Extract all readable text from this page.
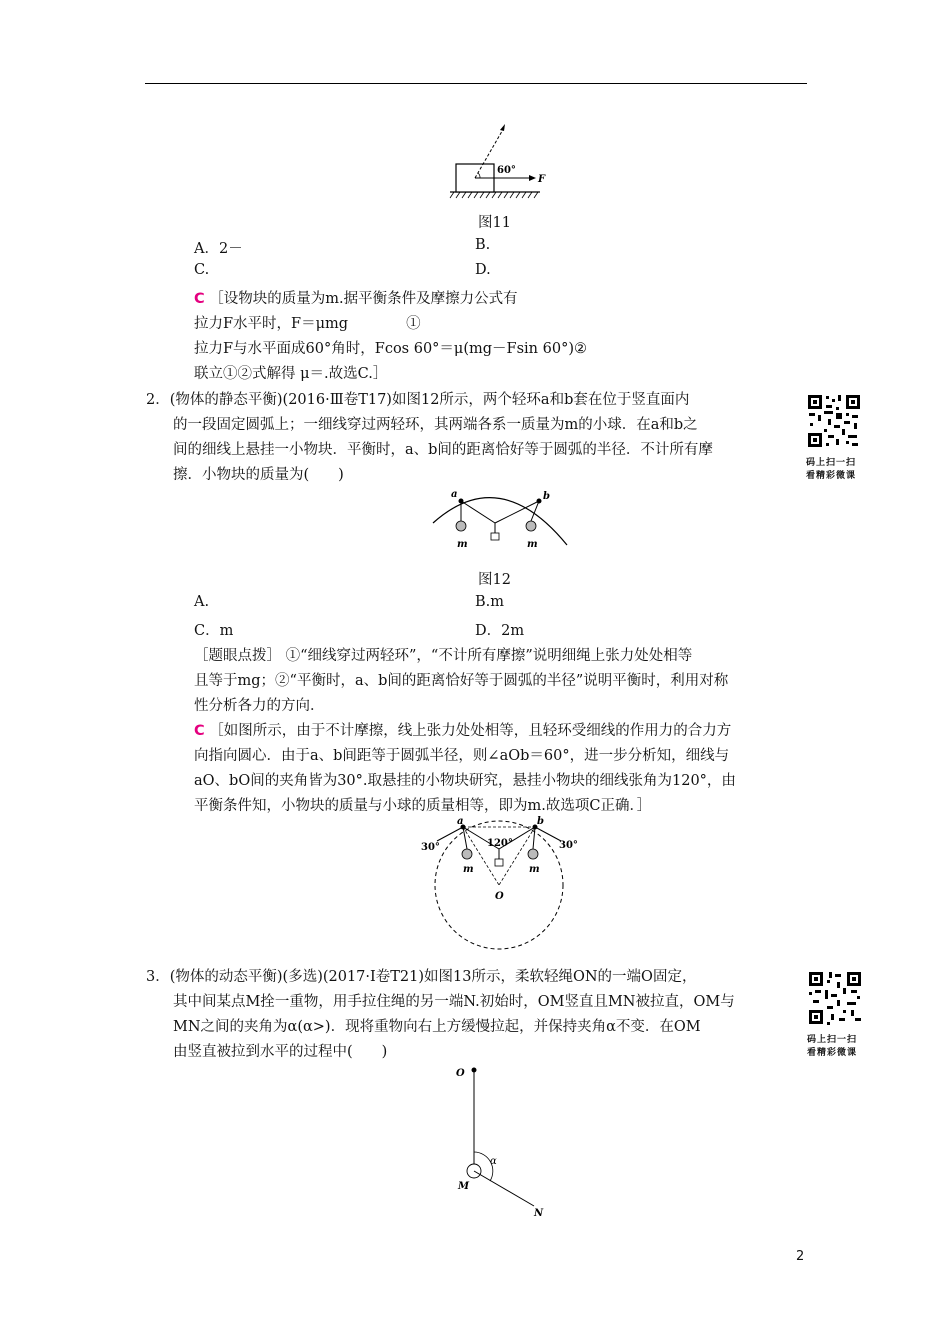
60°
F
图11
A．2－	B.
C.	D.
C ［设物块的质量为m.据平衡条件及摩擦力公式有
拉力F水平时，F＝μmg　　　　①
拉力F与水平面成60°角时，Fcos 60°＝μ(mg－Fsin 60°)②
联立①②式解得 μ＝.故选C.］
2．(物体的静态平衡)(2016·Ⅲ卷T17)如图12所示，两个轻环a和b套在位于竖直面内
的一段固定圆弧上；一细线穿过两轻环，其两端各系一质量为m的小球．在a和b之
间的细线上悬挂一小物块．平衡时，a、b间的距离恰好等于圆弧的半径．不计所有摩
擦．小物块的质量为(　　)
码上扫一扫
看精彩微课
a	b
m	m
图12
A.	B.m
C．m	D．2m
［题眼点拨］ ①“细线穿过两轻环”，“不计所有摩擦”说明细绳上张力处处相等
且等于mg；②“平衡时，a、b间的距离恰好等于圆弧的半径”说明平衡时，利用对称
性分析各力的方向．
C ［如图所示，由于不计摩擦，线上张力处处相等，且轻环受细线的作用力的合力方
向指向圆心．由于a、b间距等于圆弧半径，则∠aOb＝60°，进一步分析知，细线与
aO、bO间的夹角皆为30°.取悬挂的小物块研究，悬挂小物块的细线张角为120°，由
平衡条件知，小物块的质量与小球的质量相等，即为m.故选项C正确．］
30°	30°
120°
a	b
m	m
O
3．(物体的动态平衡)(多选)(2017·Ⅰ卷T21)如图13所示，柔软轻绳ON的一端O固定，
其中间某点M拴一重物，用手拉住绳的另一端N.初始时，OM竖直且MN被拉直，OM与
MN之间的夹角为α(α>)．现将重物向右上方缓慢拉起，并保持夹角α不变．在OM
由竖直被拉到水平的过程中(　　)
码上扫一扫
看精彩微课
O
M
N
α
2
